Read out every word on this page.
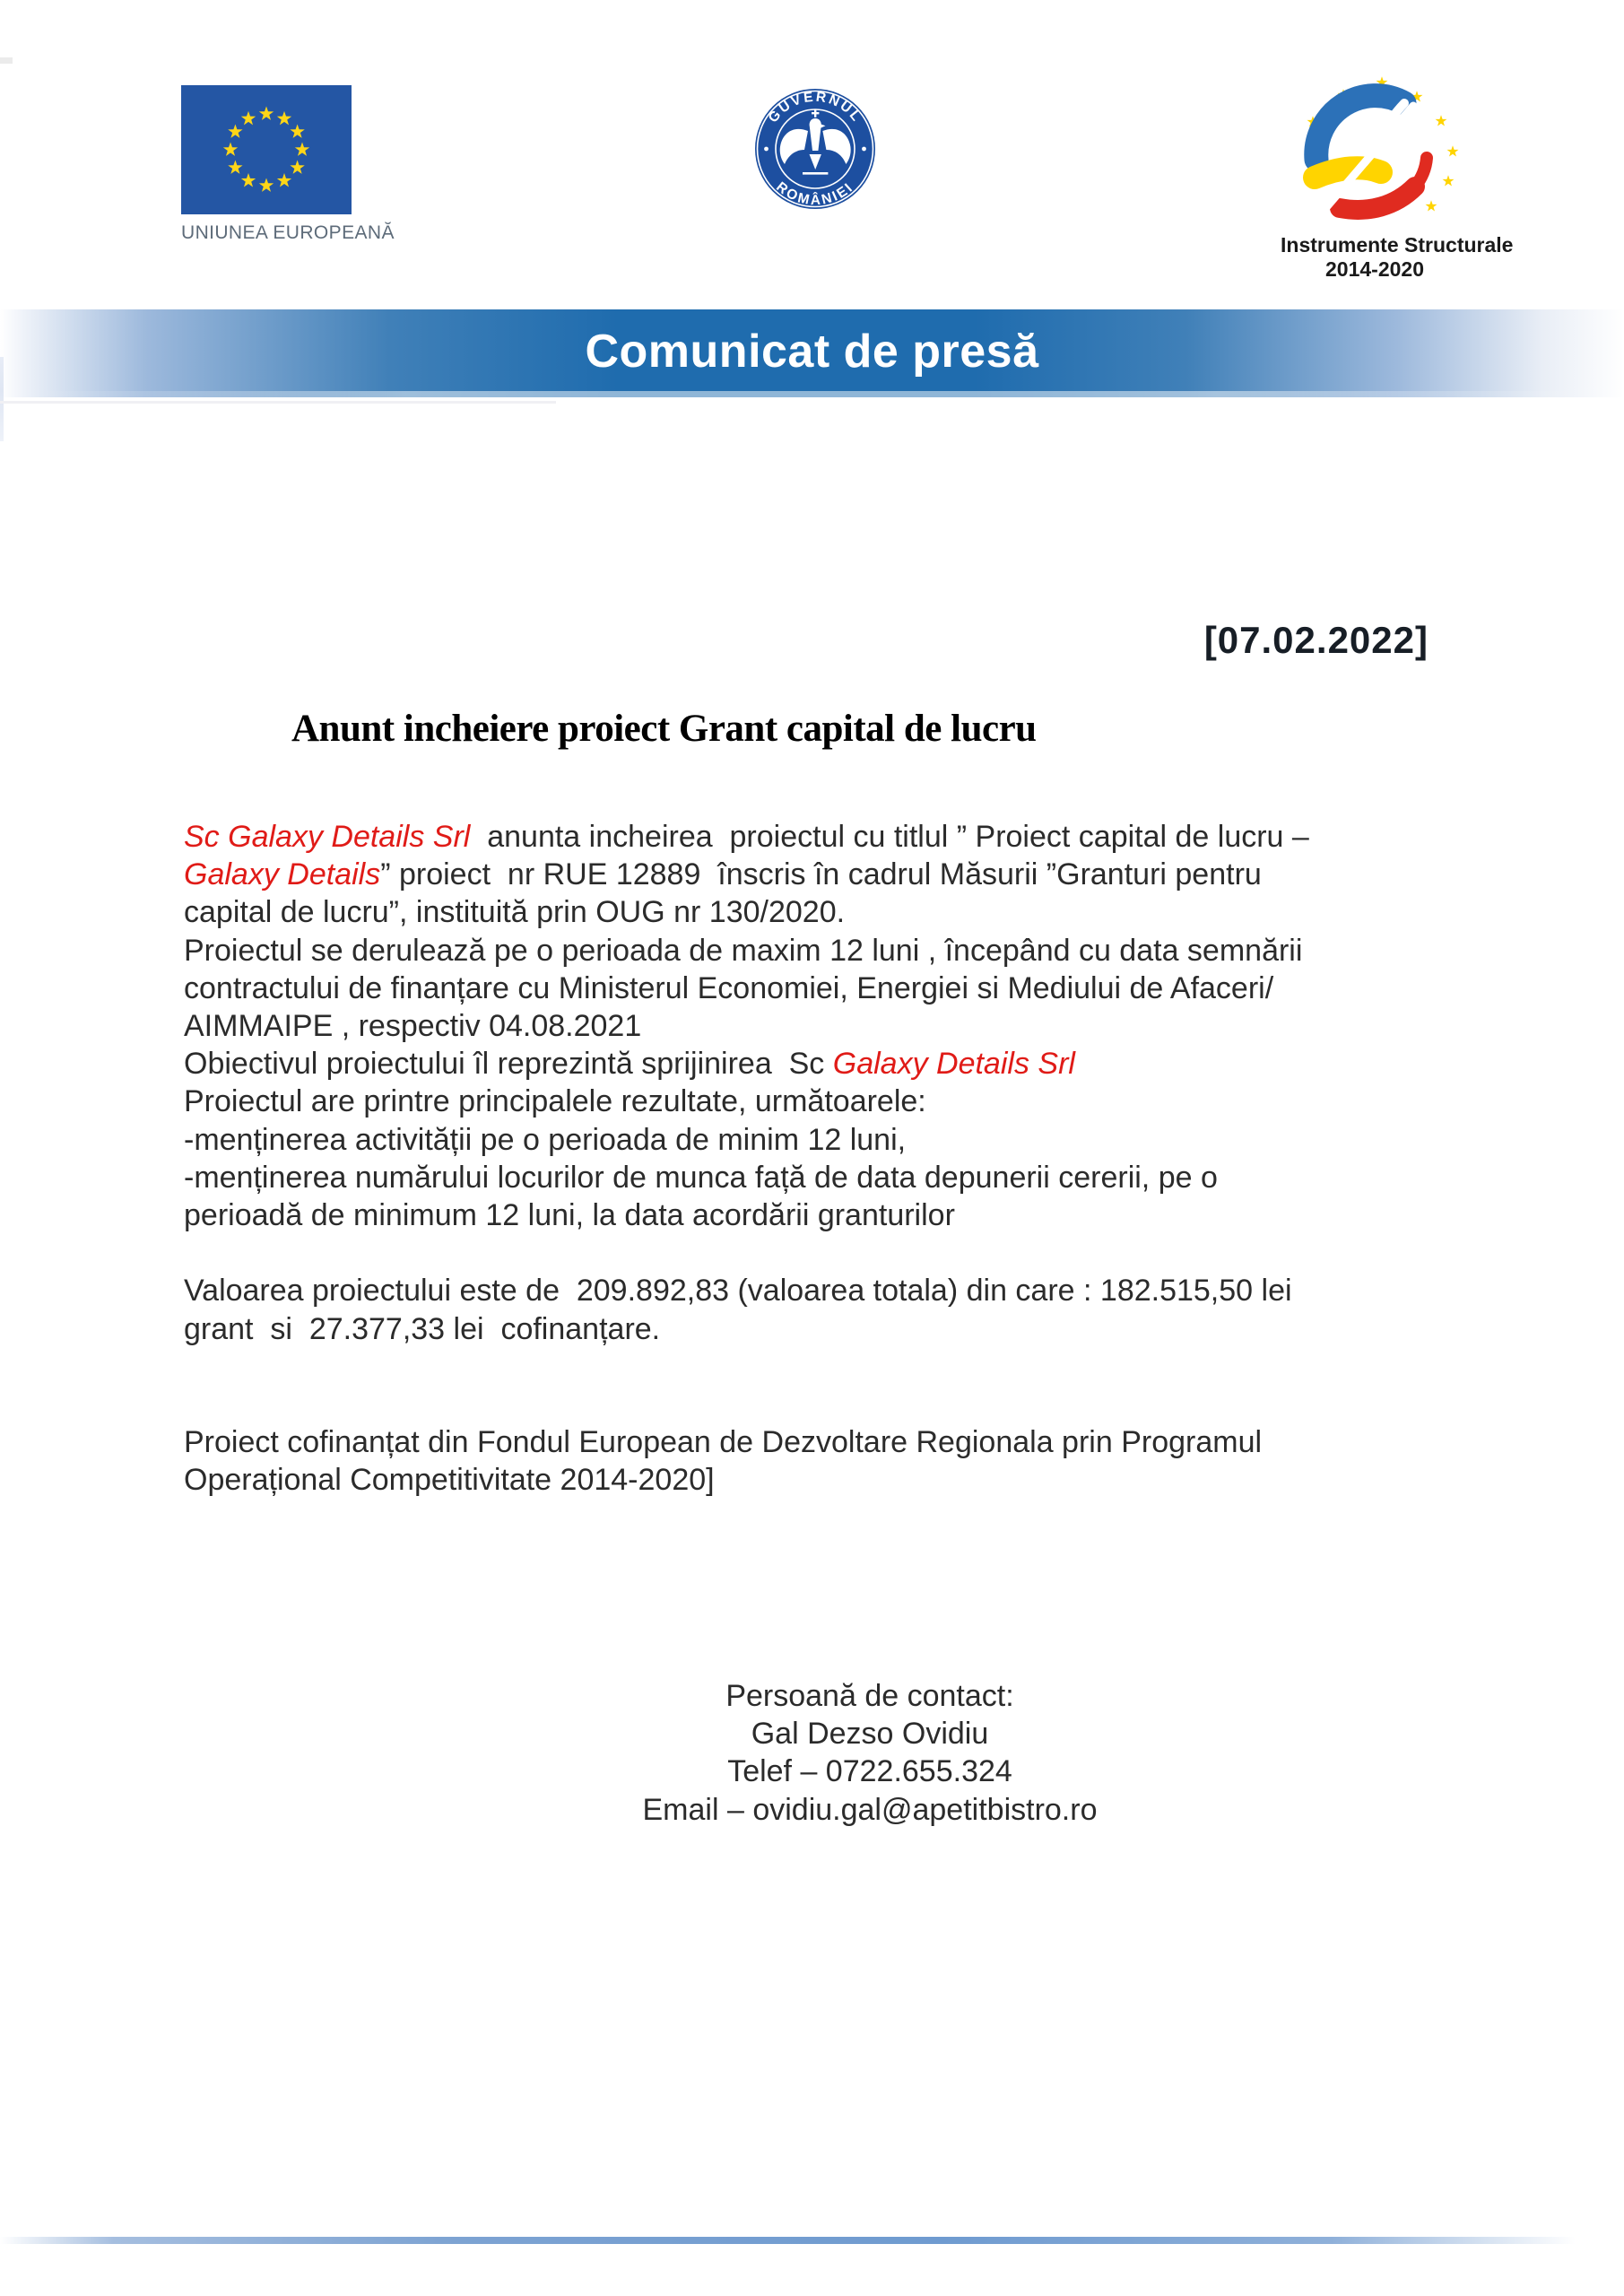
UNIUNEA EUROPEANĂ
GUVERNUL
ROMÂNIEI
Instrumente Structurale
2014-2020
Comunicat de presă
[07.02.2022]
Anunt incheiere proiect Grant capital de lucru
Sc Galaxy Details Srl  anunta incheirea  proiectul cu titlul ” Proiect capital de lucru –
Galaxy Details” proiect  nr RUE 12889  înscris în cadrul Măsurii ”Granturi pentru
capital de lucru”, instituită prin OUG nr 130/2020.
Proiectul se derulează pe o perioada de maxim 12 luni , începând cu data semnării
contractului de finanțare cu Ministerul Economiei, Energiei si Mediului de Afaceri/
AIMMAIPE , respectiv 04.08.2021
Obiectivul proiectului îl reprezintă sprijinirea  Sc Galaxy Details Srl
Proiectul are printre principalele rezultate, următoarele:
-menținerea activității pe o perioada de minim 12 luni,
-menținerea numărului locurilor de munca față de data depunerii cererii, pe o
perioadă de minimum 12 luni, la data acordării granturilor

Valoarea proiectului este de  209.892,83 (valoarea totala) din care : 182.515,50 lei
grant  si  27.377,33 lei  cofinanțare.

Proiect cofinanțat din Fondul European de Dezvoltare Regionala prin Programul
Operațional Competitivitate 2014-2020]
Persoană de contact:
Gal Dezso Ovidiu
Telef – 0722.655.324
Email – ovidiu.gal@apetitbistro.ro
